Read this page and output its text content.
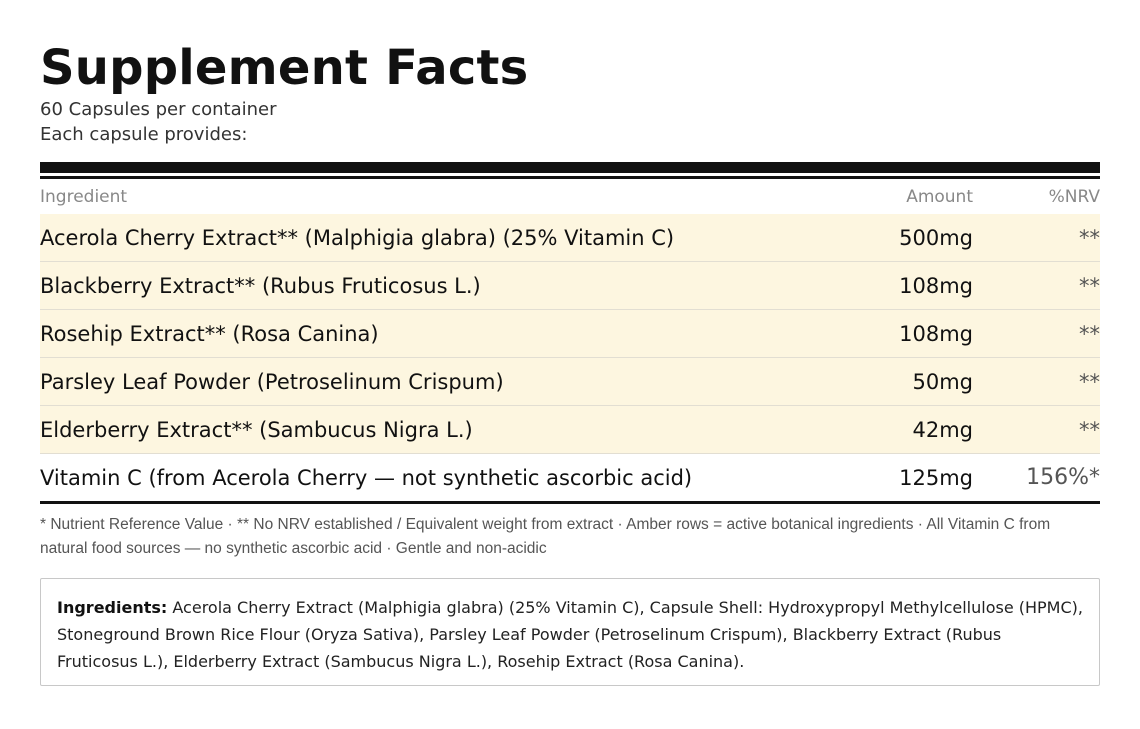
Supplement Facts
60 Capsules per container
Each capsule provides:
Ingredient	Amount	%NRV
Acerola Cherry Extract** (Malphigia glabra) (25% Vitamin C)	500mg	**
Blackberry Extract** (Rubus Fruticosus L.)	108mg	**
Rosehip Extract** (Rosa Canina)	108mg	**
Parsley Leaf Powder (Petroselinum Crispum)	50mg	**
Elderberry Extract** (Sambucus Nigra L.)	42mg	**
Vitamin C (from Acerola Cherry — not synthetic ascorbic acid)	125mg 156%*
* Nutrient Reference Value · ** No NRV established / Equivalent weight from extract · Amber rows = active botanical ingredients · All Vitamin C from natural food sources — no synthetic ascorbic acid · Gentle and non-acidic
Ingredients: Acerola Cherry Extract (Malphigia glabra) (25% Vitamin C), Capsule Shell: Hydroxypropyl Methylcellulose (HPMC), Stoneground Brown Rice Flour (Oryza Sativa), Parsley Leaf Powder (Petroselinum Crispum), Blackberry Extract (Rubus Fruticosus L.), Elderberry Extract (Sambucus Nigra L.), Rosehip Extract (Rosa Canina).
